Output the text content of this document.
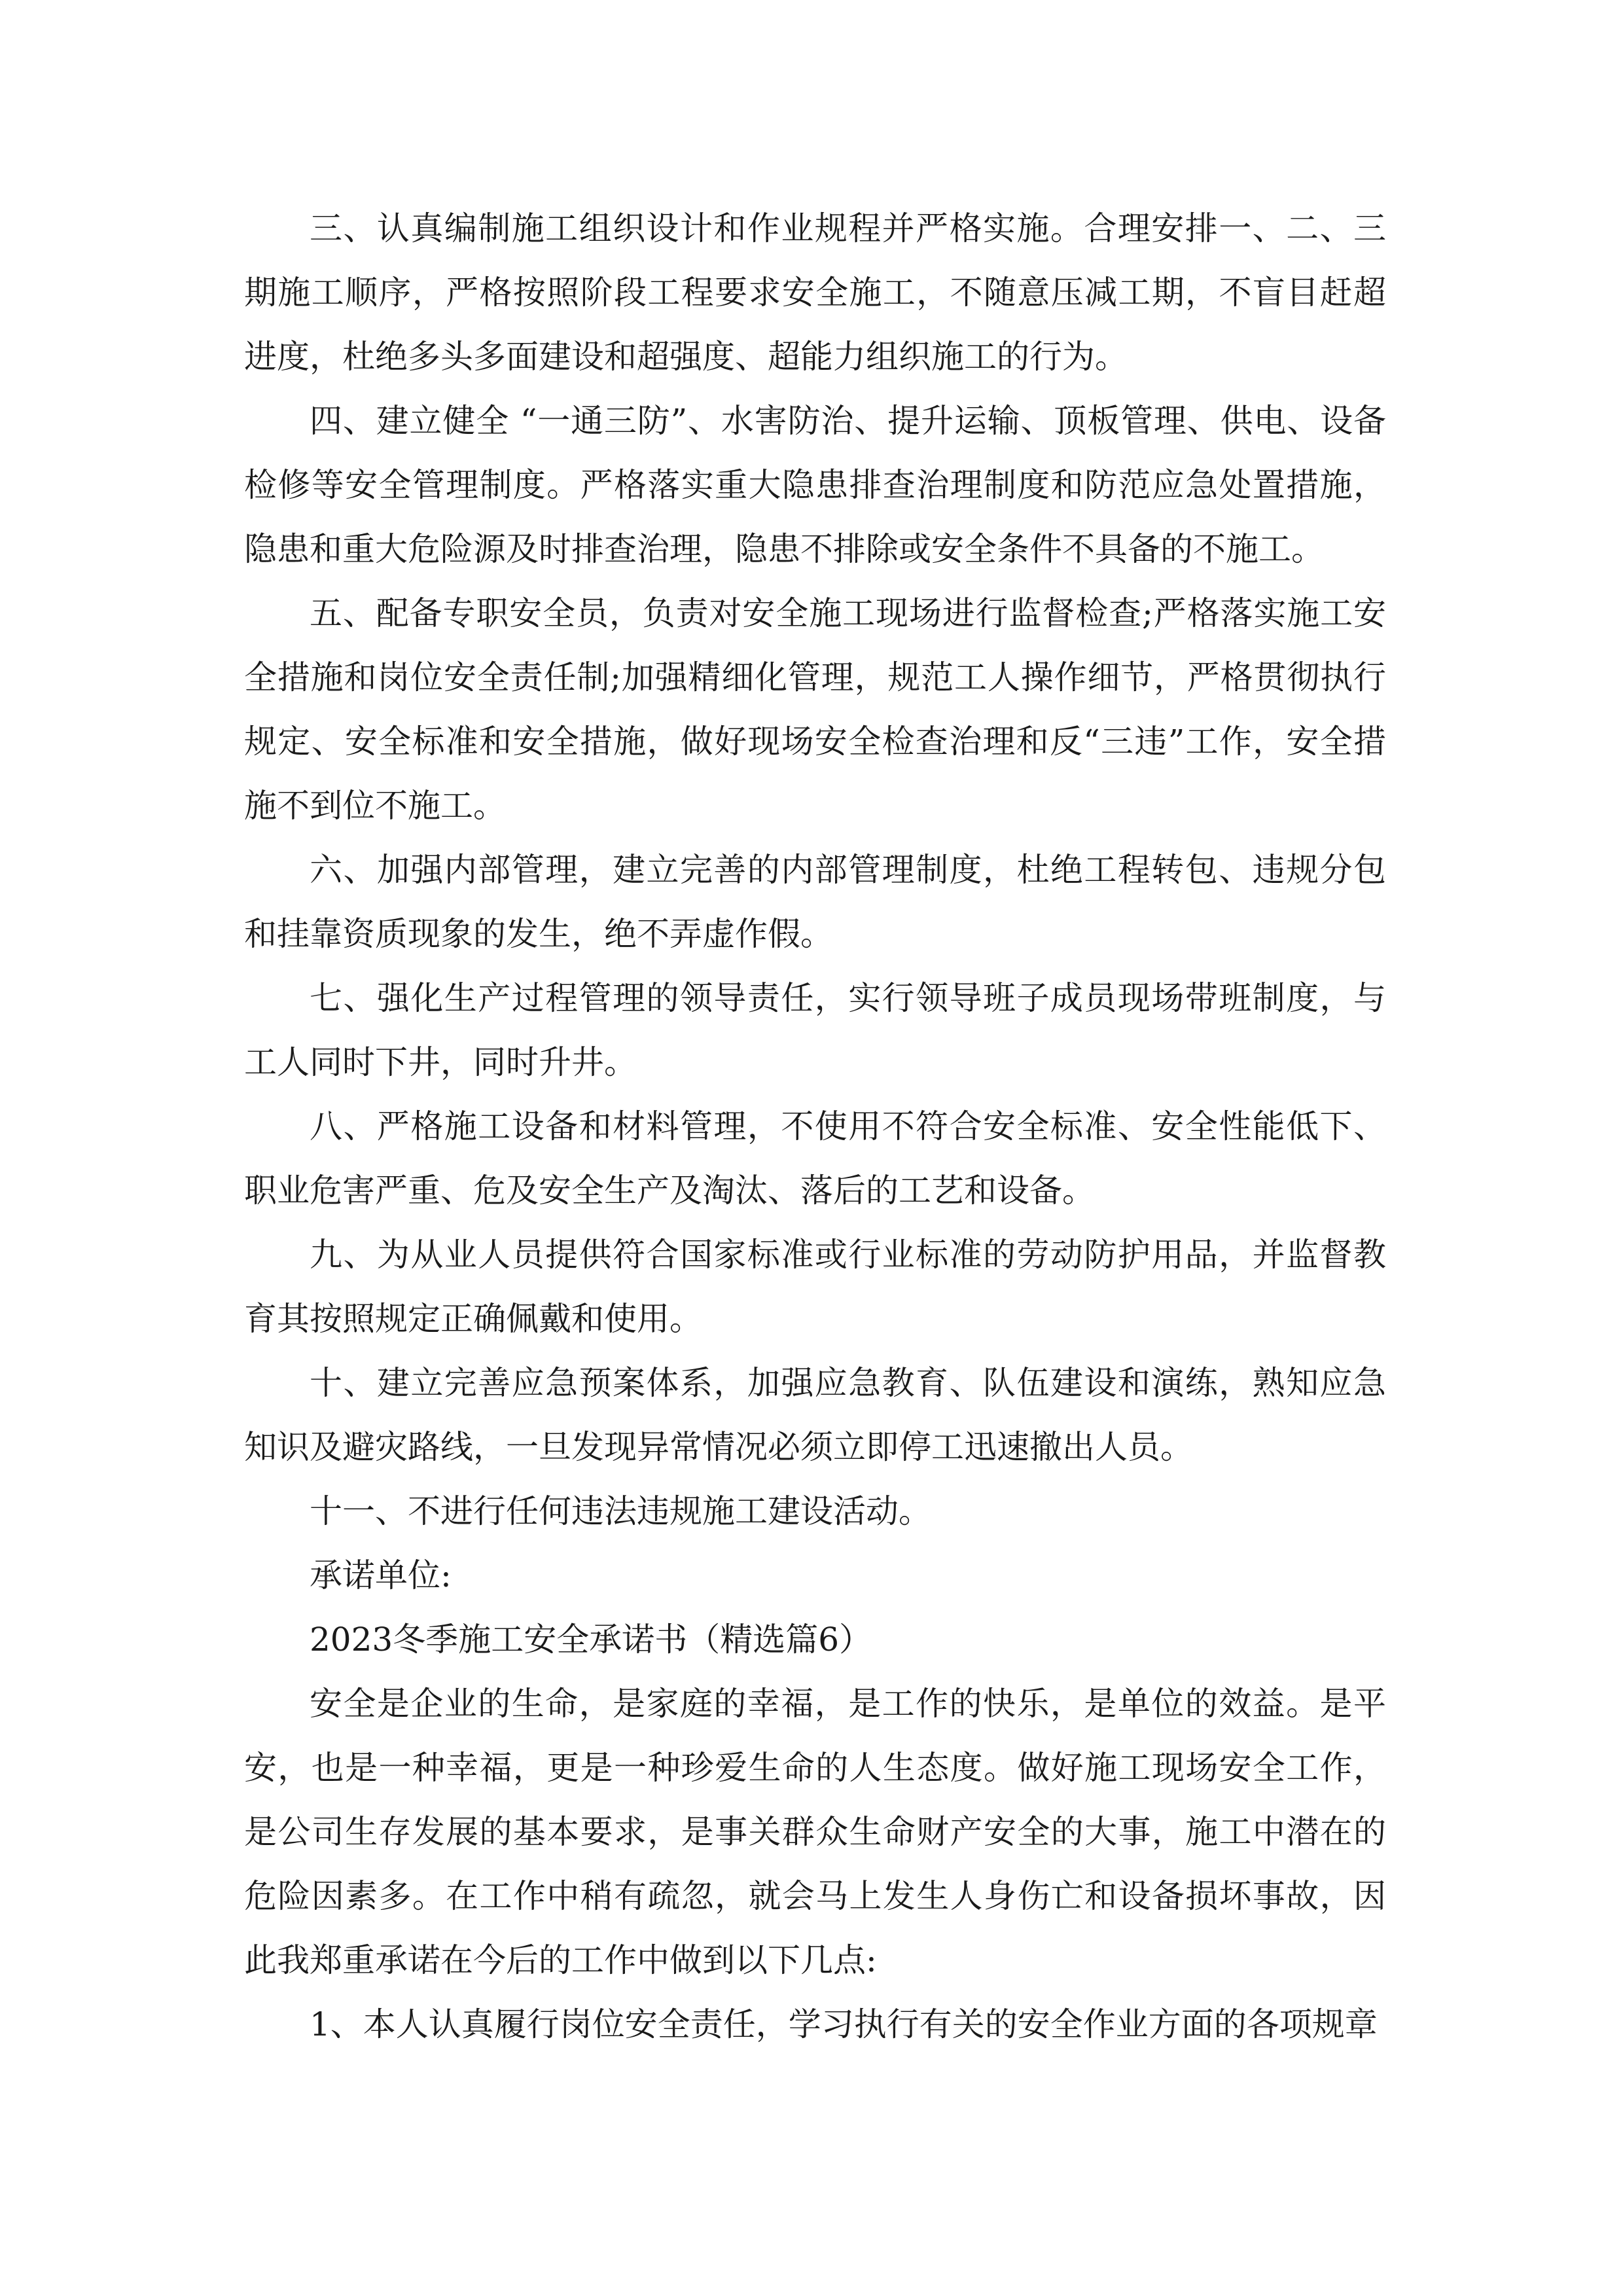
三、认真编制施工组织设计和作业规程并严格实施。合理安排一、二、三期施工顺序，严格按照阶段工程要求安全施工，不随意压减工期，不盲目赶超进度，杜绝多头多面建设和超强度、超能力组织施工的行为。

四、建立健全 “一通三防”、水害防治、提升运输、顶板管理、供电、设备检修等安全管理制度。严格落实重大隐患排查治理制度和防范应急处置措施，隐患和重大危险源及时排查治理，隐患不排除或安全条件不具备的不施工。

五、配备专职安全员，负责对安全施工现场进行监督检查;严格落实施工安全措施和岗位安全责任制;加强精细化管理，规范工人操作细节，严格贯彻执行规定、安全标准和安全措施，做好现场安全检查治理和反“三违”工作，安全措施不到位不施工。

六、加强内部管理，建立完善的内部管理制度，杜绝工程转包、违规分包和挂靠资质现象的发生，绝不弄虚作假。

七、强化生产过程管理的领导责任，实行领导班子成员现场带班制度，与工人同时下井，同时升井。

八、严格施工设备和材料管理，不使用不符合安全标准、安全性能低下、职业危害严重、危及安全生产及淘汰、落后的工艺和设备。

九、为从业人员提供符合国家标准或行业标准的劳动防护用品，并监督教育其按照规定正确佩戴和使用。

十、建立完善应急预案体系，加强应急教育、队伍建设和演练，熟知应急知识及避灾路线，一旦发现异常情况必须立即停工迅速撤出人员。

十一、不进行任何违法违规施工建设活动。

承诺单位:

2023冬季施工安全承诺书（精选篇6）

安全是企业的生命，是家庭的幸福，是工作的快乐，是单位的效益。是平安，也是一种幸福，更是一种珍爱生命的人生态度。做好施工现场安全工作，是公司生存发展的基本要求，是事关群众生命财产安全的大事，施工中潜在的危险因素多。在工作中稍有疏忽，就会马上发生人身伤亡和设备损坏事故，因此我郑重承诺在今后的工作中做到以下几点:

1、本人认真履行岗位安全责任，学习执行有关的安全作业方面的各项规章
